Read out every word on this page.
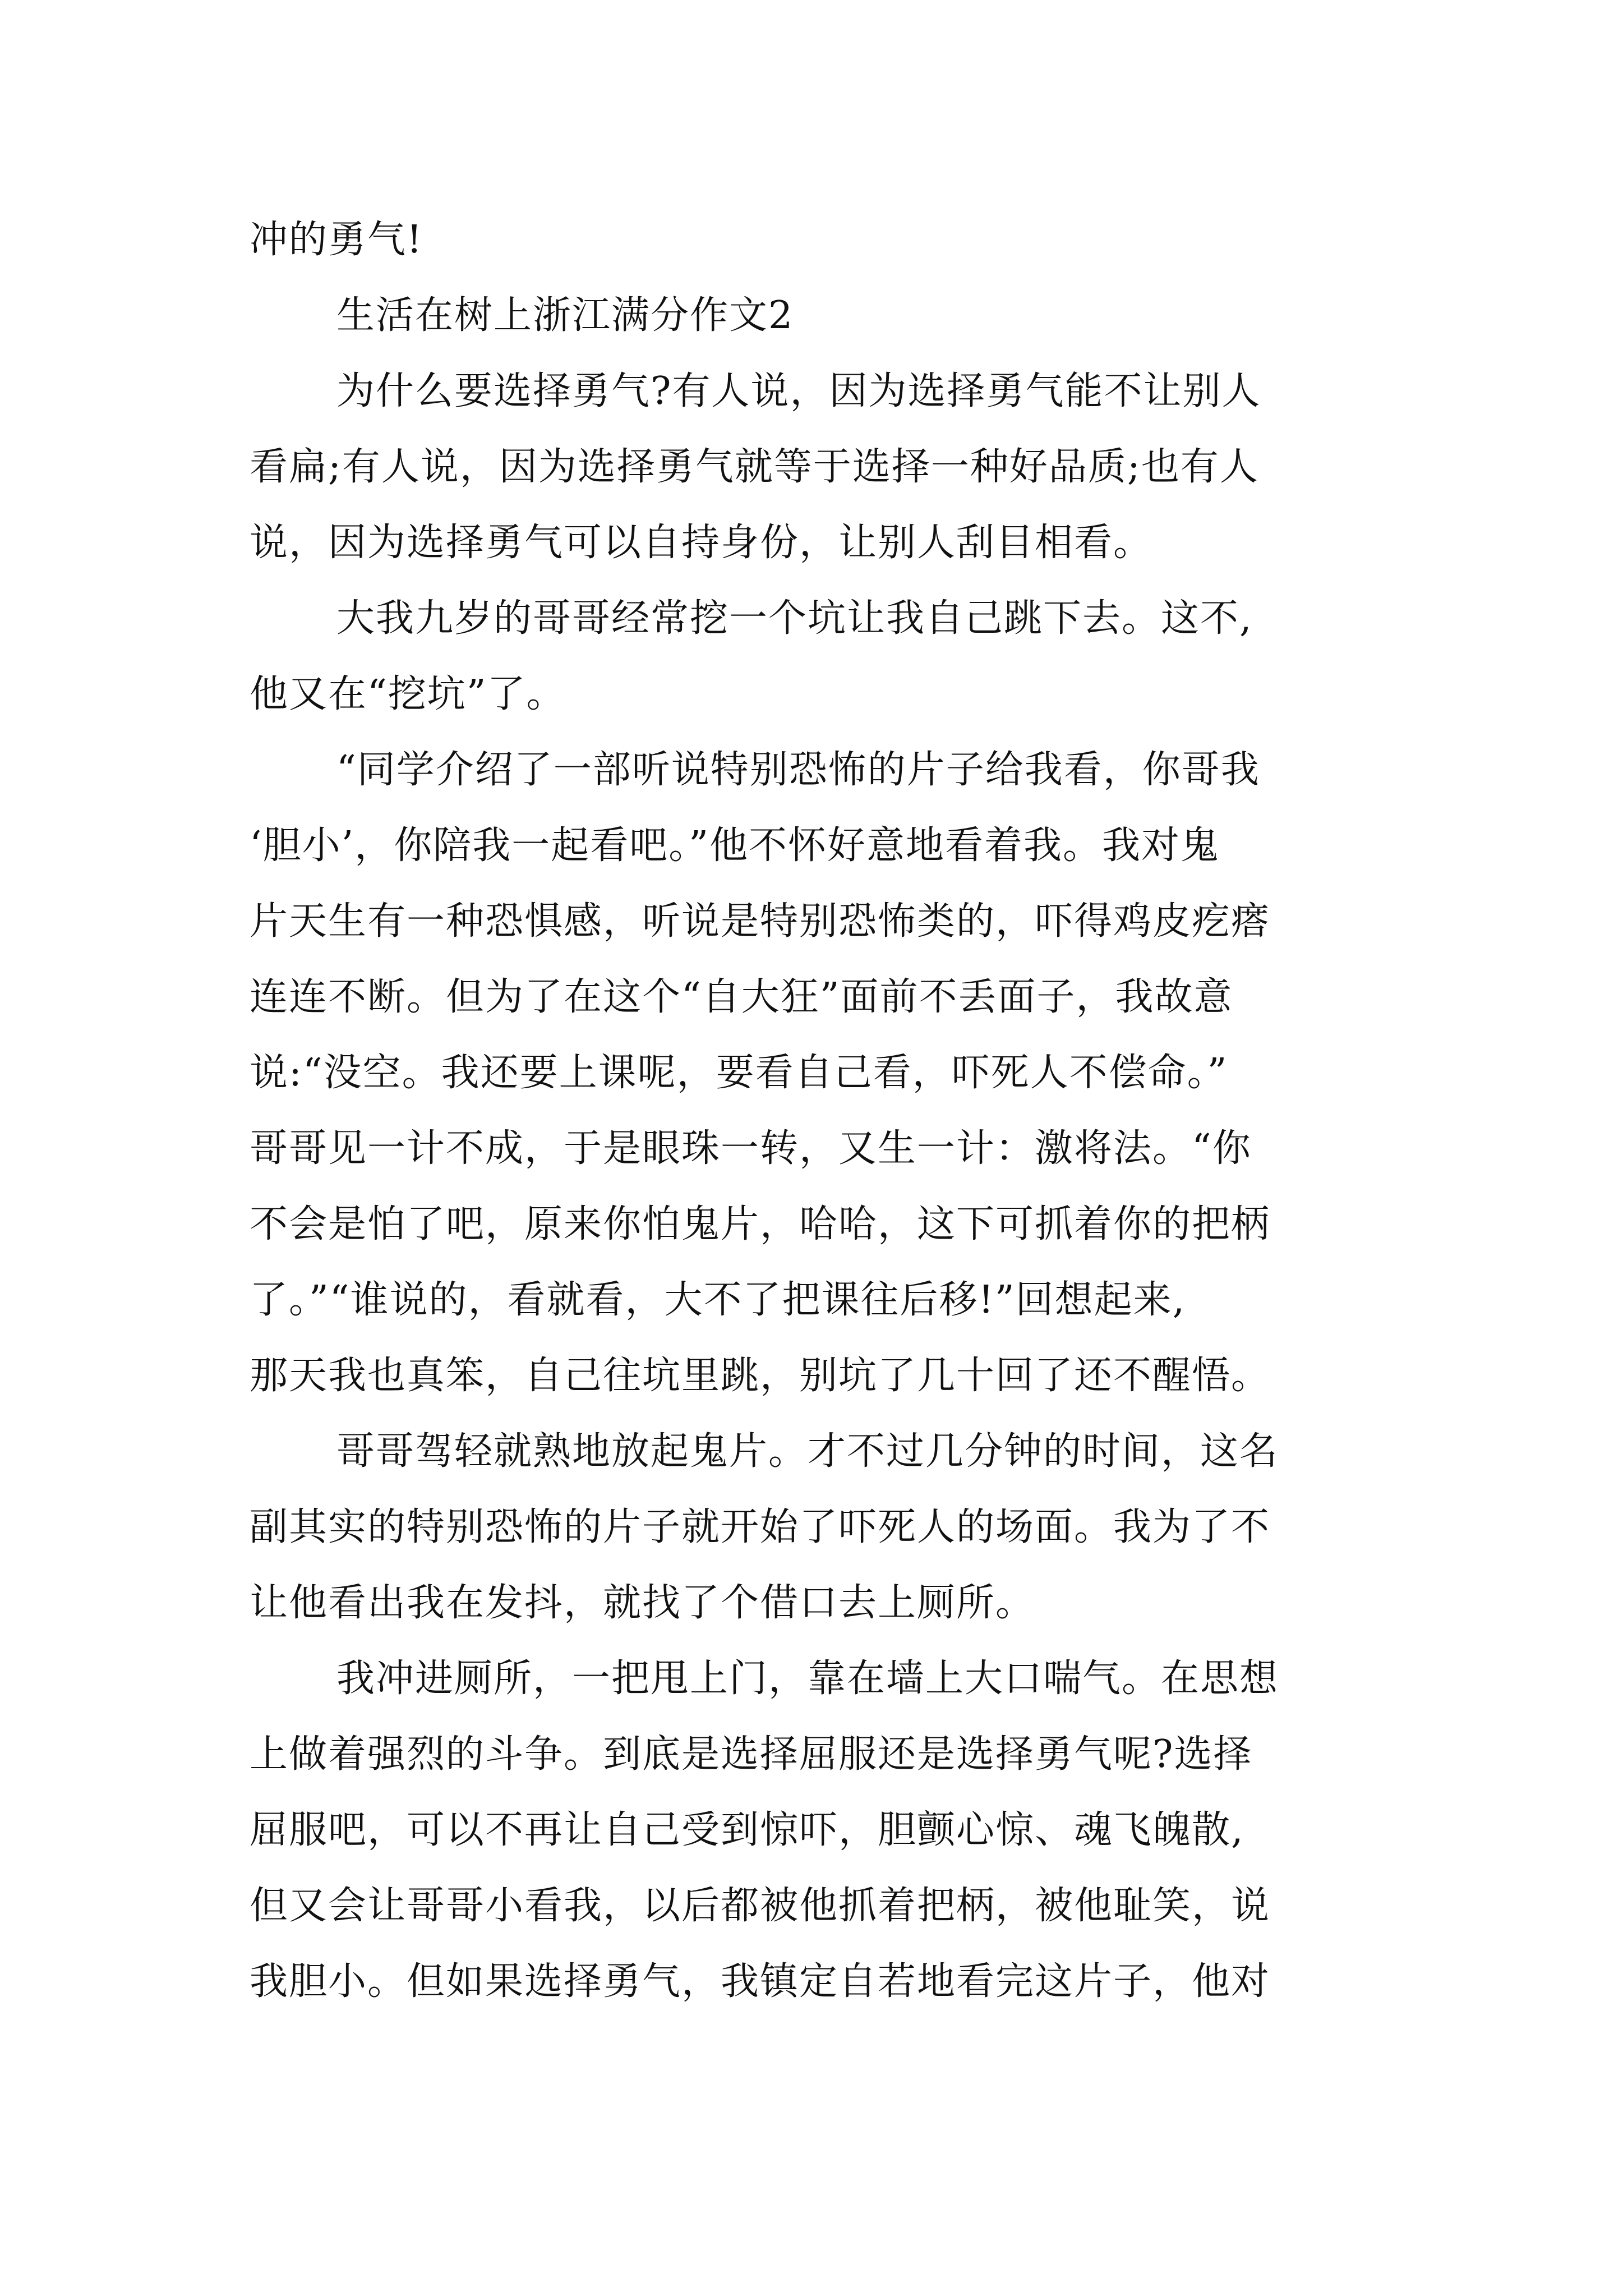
冲的勇气!
生活在树上浙江满分作文2
为什么要选择勇气?有人说，因为选择勇气能不让别人
看扁;有人说，因为选择勇气就等于选择一种好品质;也有人
说，因为选择勇气可以自持身份，让别人刮目相看。
大我九岁的哥哥经常挖一个坑让我自己跳下去。这不,
他又在“挖坑”了。
“同学介绍了一部听说特别恐怖的片子给我看，你哥我
‘胆小’，你陪我一起看吧。”他不怀好意地看着我。我对鬼
片天生有一种恐惧感，听说是特别恐怖类的，吓得鸡皮疙瘩
连连不断。但为了在这个“自大狂”面前不丢面子，我故意
说:“没空。我还要上课呢，要看自己看，吓死人不偿命。”
哥哥见一计不成，于是眼珠一转，又生一计：激将法。“你
不会是怕了吧，原来你怕鬼片，哈哈，这下可抓着你的把柄
了。”“谁说的，看就看，大不了把课往后移!”回想起来,
那天我也真笨，自己往坑里跳，别坑了几十回了还不醒悟。
哥哥驾轻就熟地放起鬼片。才不过几分钟的时间，这名
副其实的特别恐怖的片子就开始了吓死人的场面。我为了不
让他看出我在发抖，就找了个借口去上厕所。
我冲进厕所，一把甩上门，靠在墙上大口喘气。在思想
上做着强烈的斗争。到底是选择屈服还是选择勇气呢?选择
屈服吧，可以不再让自己受到惊吓，胆颤心惊、魂飞魄散,
但又会让哥哥小看我，以后都被他抓着把柄，被他耻笑，说
我胆小。但如果选择勇气，我镇定自若地看完这片子，他对
